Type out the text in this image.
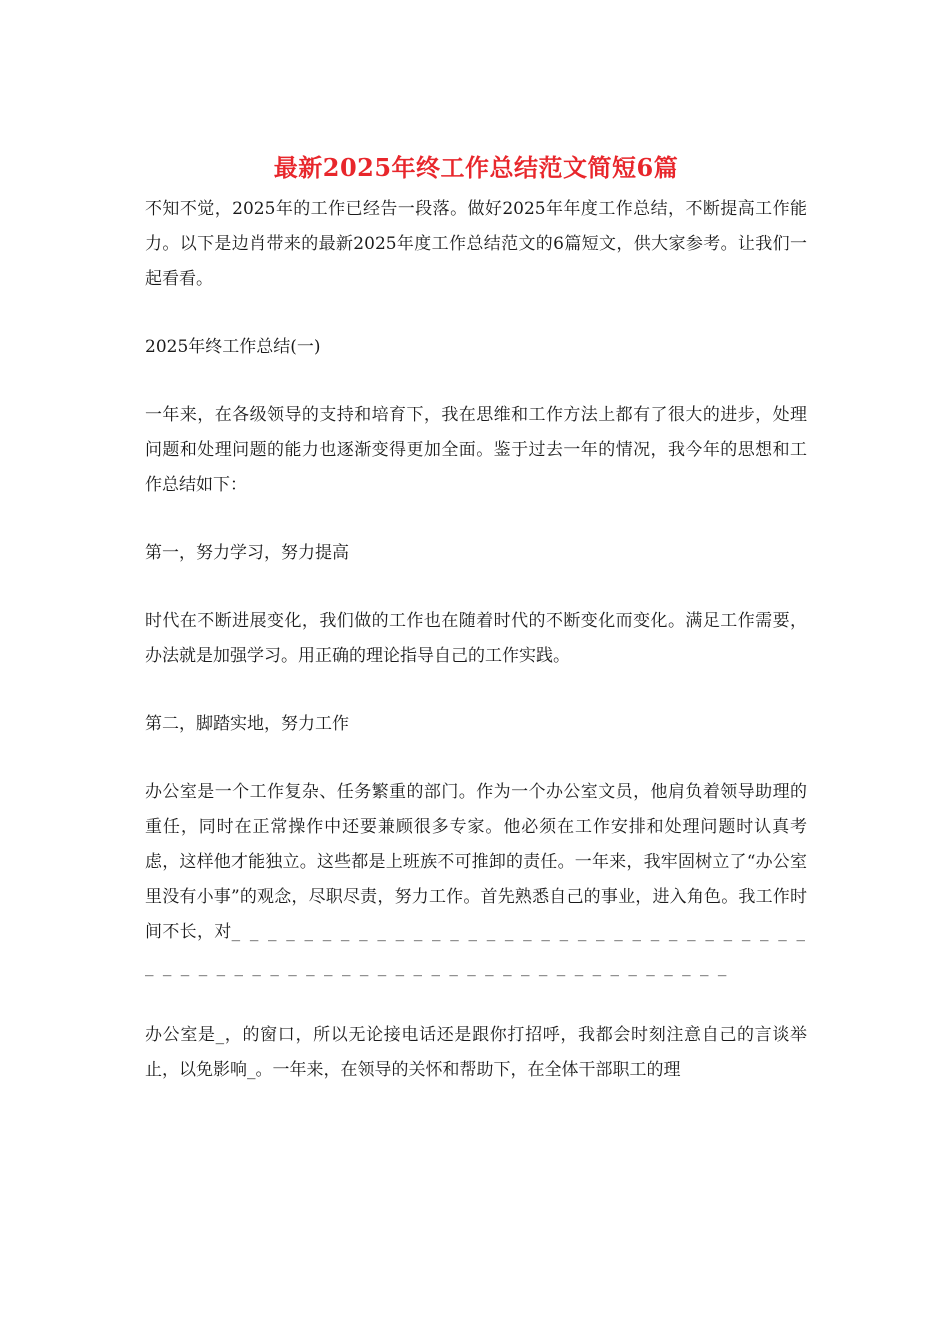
最新2025年终工作总结范文简短6篇

不知不觉，2025年的工作已经告一段落。做好2025年年度工作总结，不断提高工作能力。以下是边肖带来的最新2025年度工作总结范文的6篇短文，供大家参考。让我们一起看看。

2025年终工作总结(一)

一年来，在各级领导的支持和培育下，我在思维和工作方法上都有了很大的进步，处理问题和处理问题的能力也逐渐变得更加全面。鉴于过去一年的情况，我今年的思想和工作总结如下：

第一，努力学习，努力提高

时代在不断进展变化，我们做的工作也在随着时代的不断变化而变化。满足工作需要，办法就是加强学习。用正确的理论指导自己的工作实践。

第二，脚踏实地，努力工作

办公室是一个工作复杂、任务繁重的部门。作为一个办公室文员，他肩负着领导助理的重任，同时在正常操作中还要兼顾很多专家。他必须在工作安排和处理问题时认真考虑，这样他才能独立。这些都是上班族不可推卸的责任。一年来，我牢固树立了“办公室里没有小事”的观念，尽职尽责，努力工作。首先熟悉自己的事业，进入角色。我工作时间不长，对_ _ _ _ _ _ _ _ _ _ _ _ _ _ _ _ _ _ _ _ _ _ _ _ _ _ _ _ _ _ _ _ _ _ _ _ _ _ _ _ _ _ _ _ _ _ _ _ _ _ _ _ _ _ _ _ _ _ _ _ _ _ _ _ _

办公室是_，的窗口，所以无论接电话还是跟你打招呼，我都会时刻注意自己的言谈举止，以免影响_。一年来，在领导的关怀和帮助下，在全体干部职工的理
